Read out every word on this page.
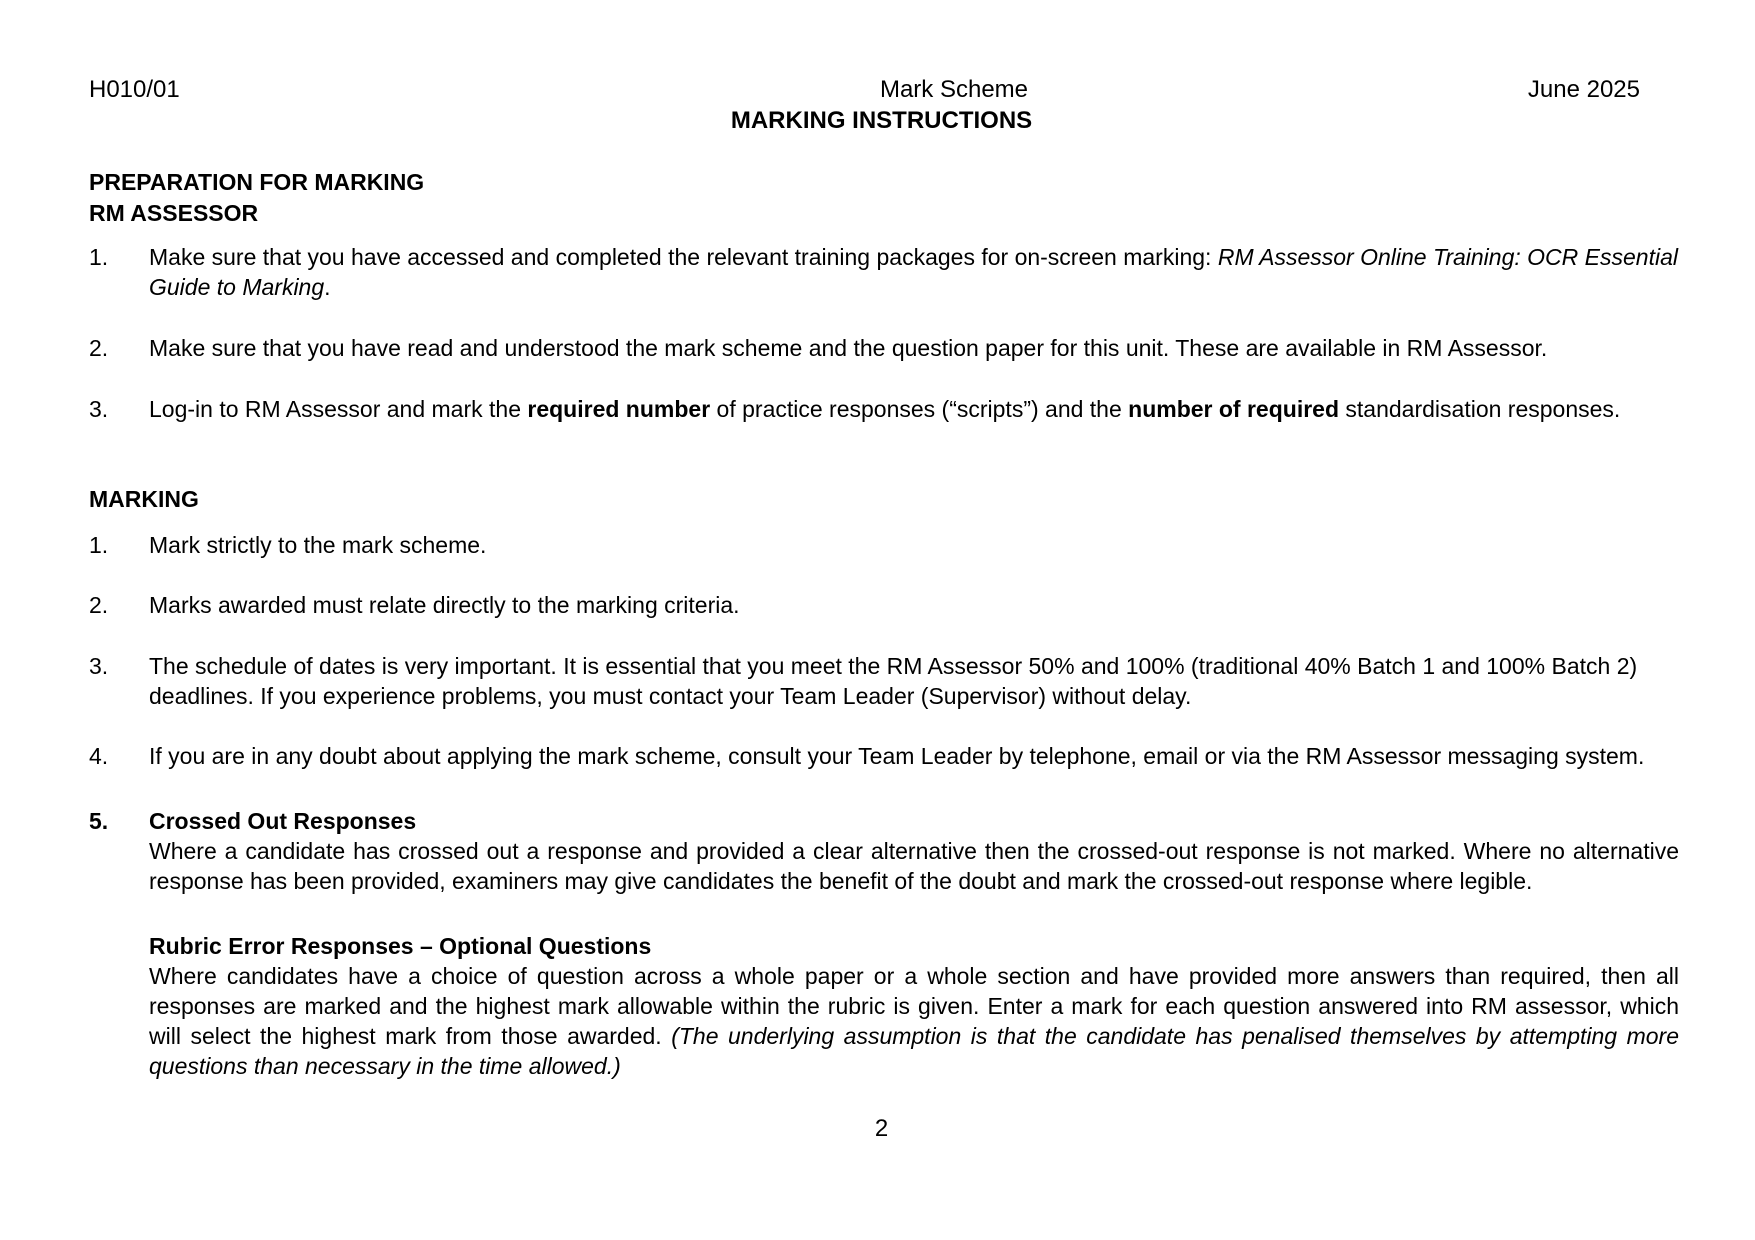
H010/01	Mark Scheme	June 2025
MARKING INSTRUCTIONS
PREPARATION FOR MARKING
RM ASSESSOR
1. Make sure that you have accessed and completed the relevant training packages for on-screen marking: RM Assessor Online Training: OCR Essential Guide to Marking.
2. Make sure that you have read and understood the mark scheme and the question paper for this unit. These are available in RM Assessor.
3. Log-in to RM Assessor and mark the required number of practice responses (“scripts”) and the number of required standardisation responses.
MARKING
1. Mark strictly to the mark scheme.
2. Marks awarded must relate directly to the marking criteria.
3. The schedule of dates is very important. It is essential that you meet the RM Assessor 50% and 100% (traditional 40% Batch 1 and 100% Batch 2) deadlines. If you experience problems, you must contact your Team Leader (Supervisor) without delay.
4. If you are in any doubt about applying the mark scheme, consult your Team Leader by telephone, email or via the RM Assessor messaging system.
5. Crossed Out Responses
Where a candidate has crossed out a response and provided a clear alternative then the crossed-out response is not marked. Where no alternative response has been provided, examiners may give candidates the benefit of the doubt and mark the crossed-out response where legible.
Rubric Error Responses – Optional Questions
Where candidates have a choice of question across a whole paper or a whole section and have provided more answers than required, then all responses are marked and the highest mark allowable within the rubric is given. Enter a mark for each question answered into RM assessor, which will select the highest mark from those awarded. (The underlying assumption is that the candidate has penalised themselves by attempting more questions than necessary in the time allowed.)
2
